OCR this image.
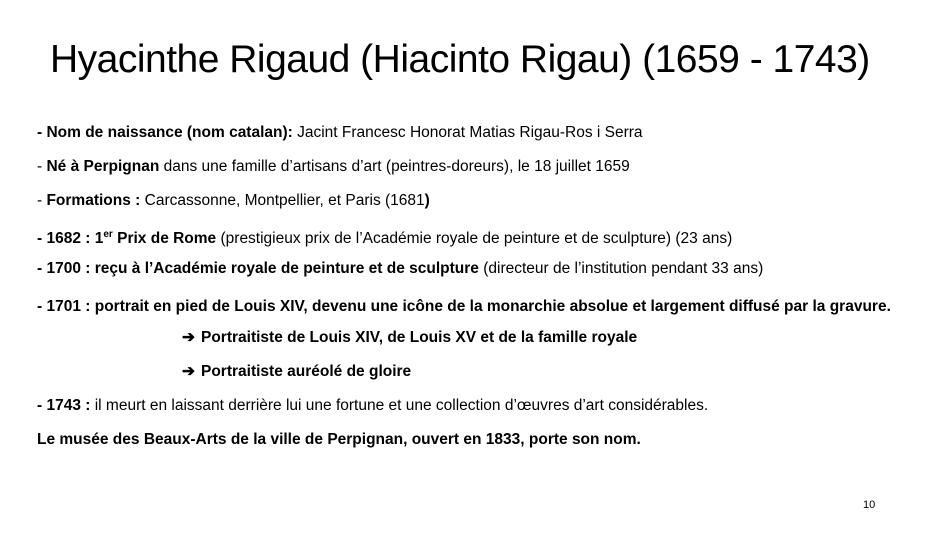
Hyacinthe Rigaud (Hiacinto Rigau) (1659 - 1743)
- Nom de naissance (nom catalan): Jacint Francesc Honorat Matias Rigau-Ros i Serra
- Né à Perpignan dans une famille d’artisans d’art (peintres-doreurs), le 18 juillet 1659
- Formations : Carcassonne, Montpellier, et Paris (1681)
- 1682 : 1er Prix de Rome (prestigieux prix de l’Académie royale de peinture et de sculpture) (23 ans)
- 1700 : reçu à l’Académie royale de peinture et de sculpture (directeur de l’institution pendant 33 ans)
- 1701 : portrait en pied de Louis XIV, devenu une icône de la monarchie absolue et largement diffusé par la gravure.
➔ Portraitiste de Louis XIV, de Louis XV et de la famille royale
➔ Portraitiste auréolé de gloire
- 1743 : il meurt en laissant derrière lui une fortune et une collection d’œuvres d’art considérables.
Le musée des Beaux-Arts de la ville de Perpignan, ouvert en 1833, porte son nom.
10
